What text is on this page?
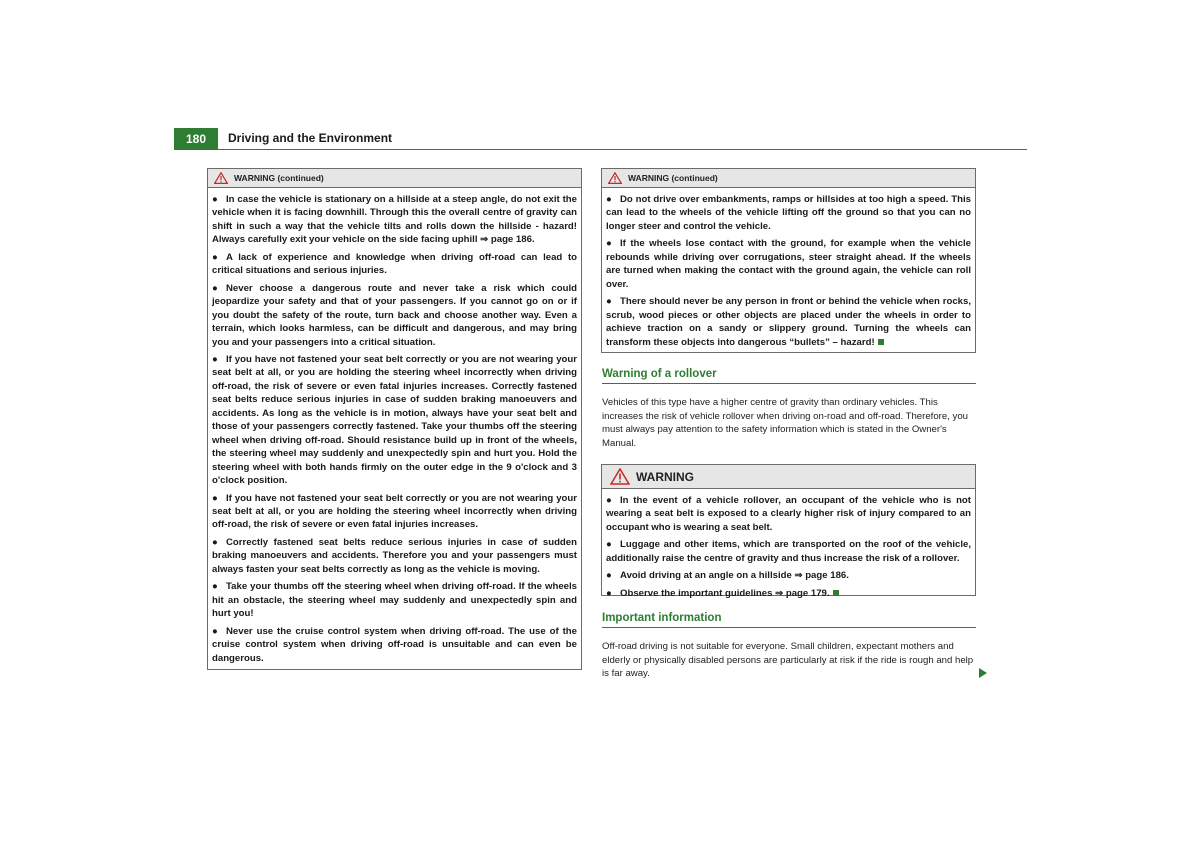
180	Driving and the Environment
WARNING (continued)

● In case the vehicle is stationary on a hillside at a steep angle, do not exit the vehicle when it is facing downhill. Through this the overall centre of gravity can shift in such a way that the vehicle tilts and rolls down the hillside - hazard! Always carefully exit your vehicle on the side facing uphill ⇒ page 186.

● A lack of experience and knowledge when driving off-road can lead to critical situations and serious injuries.

● Never choose a dangerous route and never take a risk which could jeopardize your safety and that of your passengers. If you cannot go on or if you doubt the safety of the route, turn back and choose another way. Even a terrain, which looks harmless, can be difficult and dangerous, and may bring you and your passengers into a critical situation.

● If you have not fastened your seat belt correctly or you are not wearing your seat belt at all, or you are holding the steering wheel incorrectly when driving off-road, the risk of severe or even fatal injuries increases. Correctly fastened seat belts reduce serious injuries in case of sudden braking manoeuvers and accidents. As long as the vehicle is in motion, always have your seat belt and those of your passengers correctly fastened. Take your thumbs off the steering wheel when driving off-road. Should resistance build up in front of the wheels, the steering wheel may suddenly and unexpectedly spin and hurt you. Hold the steering wheel with both hands firmly on the outer edge in the 9 o'clock and 3 o'clock position.

● If you have not fastened your seat belt correctly or you are not wearing your seat belt at all, or you are holding the steering wheel incorrectly when driving off-road, the risk of severe or even fatal injuries increases.

● Correctly fastened seat belts reduce serious injuries in case of sudden braking manoeuvers and accidents. Therefore you and your passengers must always fasten your seat belts correctly as long as the vehicle is moving.

● Take your thumbs off the steering wheel when driving off-road. If the wheels hit an obstacle, the steering wheel may suddenly and unexpectedly spin and hurt you!

● Never use the cruise control system when driving off-road. The use of the cruise control system when driving off-road is unsuitable and can even be dangerous.

WARNING (continued)

● Do not drive over embankments, ramps or hillsides at too high a speed. This can lead to the wheels of the vehicle lifting off the ground so that you can no longer steer and control the vehicle.

● If the wheels lose contact with the ground, for example when the vehicle rebounds while driving over corrugations, steer straight ahead. If the wheels are turned when making the contact with the ground again, the vehicle can roll over.

● There should never be any person in front or behind the vehicle when rocks, scrub, wood pieces or other objects are placed under the wheels in order to achieve traction on a sandy or slippery ground. Turning the wheels can transform these objects into dangerous “bullets” – hazard!

Warning of a rollover
Vehicles of this type have a higher centre of gravity than ordinary vehicles. This increases the risk of vehicle rollover when driving on-road and off-road. Therefore, you must always pay attention to the safety information which is stated in the Owner's Manual.
WARNING

● In the event of a vehicle rollover, an occupant of the vehicle who is not wearing a seat belt is exposed to a clearly higher risk of injury compared to an occupant who is wearing a seat belt.

● Luggage and other items, which are transported on the roof of the vehicle, additionally raise the centre of gravity and thus increase the risk of a rollover.

● Avoid driving at an angle on a hillside ⇒ page 186.

● Observe the important guidelines ⇒ page 179.

Important information
Off-road driving is not suitable for everyone. Small children, expectant mothers and elderly or physically disabled persons are particularly at risk if the ride is rough and help is far away.
